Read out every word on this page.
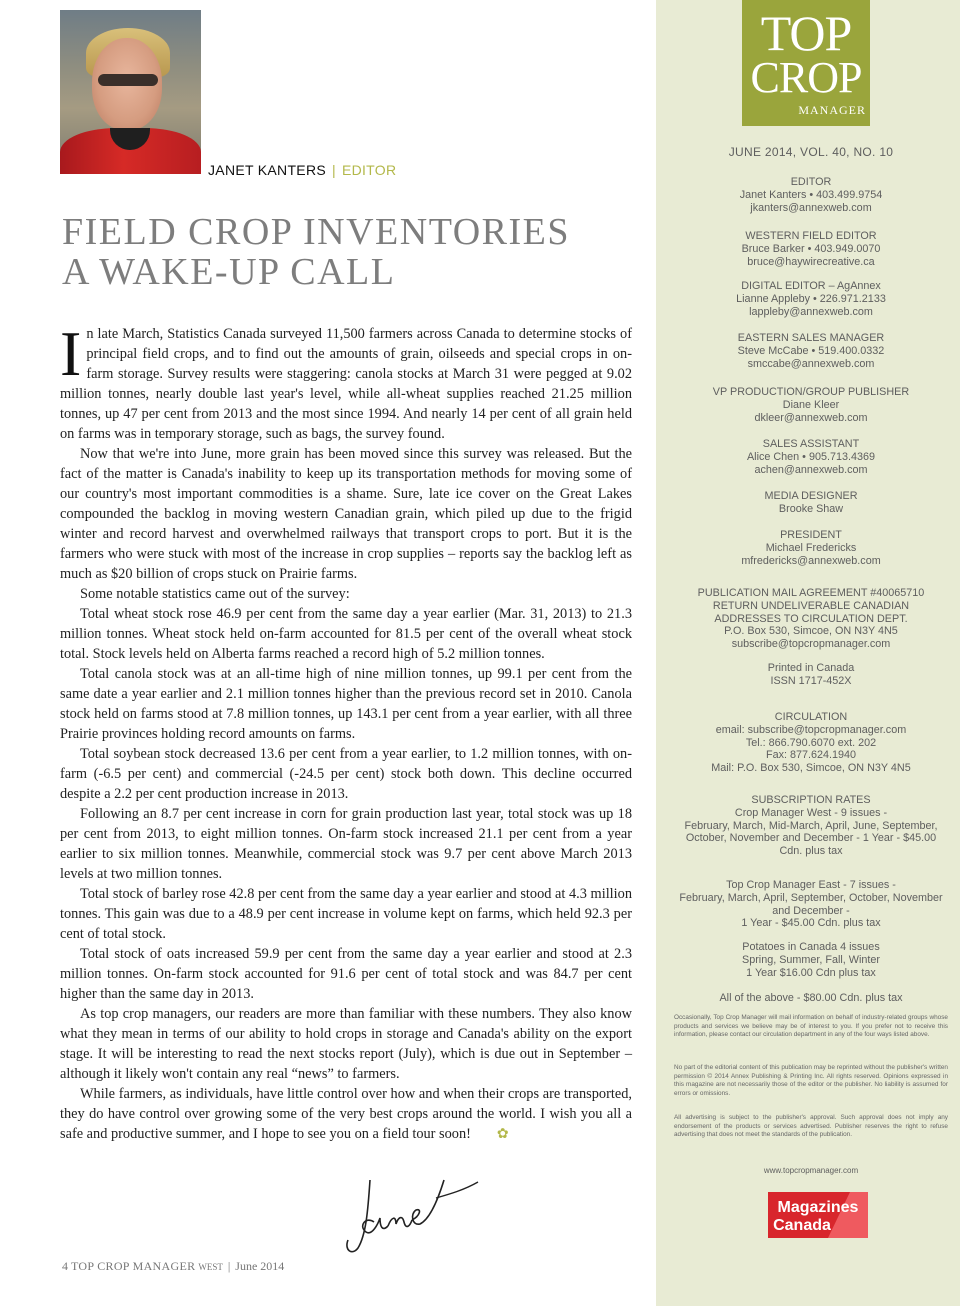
JANET KANTERS | EDITOR
FIELD CROP INVENTORIES
A WAKE-UP CALL

In late March, Statistics Canada surveyed 11,500 farmers across Canada to determine stocks of principal field crops, and to find out the amounts of grain, oilseeds and special crops in on-farm storage. Survey results were staggering: canola stocks at March 31 were pegged at 9.02 million tonnes, nearly double last year's level, while all-wheat supplies reached 21.25 million tonnes, up 47 per cent from 2013 and the most since 1994. And nearly 14 per cent of all grain held on farms was in temporary storage, such as bags, the survey found.

Now that we're into June, more grain has been moved since this survey was released. But the fact of the matter is Canada's inability to keep up its transportation methods for moving some of our country's most important commodities is a shame. Sure, late ice cover on the Great Lakes compounded the backlog in moving western Canadian grain, which piled up due to the frigid winter and record harvest and overwhelmed railways that transport crops to port. But it is the farmers who were stuck with most of the increase in crop supplies – reports say the backlog left as much as $20 billion of crops stuck on Prairie farms.

Some notable statistics came out of the survey:

Total wheat stock rose 46.9 per cent from the same day a year earlier (Mar. 31, 2013) to 21.3 million tonnes. Wheat stock held on-farm accounted for 81.5 per cent of the overall wheat stock total. Stock levels held on Alberta farms reached a record high of 5.2 million tonnes.

Total canola stock was at an all-time high of nine million tonnes, up 99.1 per cent from the same date a year earlier and 2.1 million tonnes higher than the previous record set in 2010. Canola stock held on farms stood at 7.8 million tonnes, up 143.1 per cent from a year earlier, with all three Prairie provinces holding record amounts on farms.

Total soybean stock decreased 13.6 per cent from a year earlier, to 1.2 million tonnes, with on-farm (-6.5 per cent) and commercial (-24.5 per cent) stock both down. This decline occurred despite a 2.2 per cent production increase in 2013.

Following an 8.7 per cent increase in corn for grain production last year, total stock was up 18 per cent from 2013, to eight million tonnes. On-farm stock increased 21.1 per cent from a year earlier to six million tonnes. Meanwhile, commercial stock was 9.7 per cent above March 2013 levels at two million tonnes.

Total stock of barley rose 42.8 per cent from the same day a year earlier and stood at 4.3 million tonnes. This gain was due to a 48.9 per cent increase in volume kept on farms, which held 92.3 per cent of total stock.

Total stock of oats increased 59.9 per cent from the same day a year earlier and stood at 2.3 million tonnes. On-farm stock accounted for 91.6 per cent of total stock and was 84.7 per cent higher than the same day in 2013.

As top crop managers, our readers are more than familiar with these numbers. They also know what they mean in terms of our ability to hold crops in storage and Canada's ability on the export stage. It will be interesting to read the next stocks report (July), which is due out in September – although it likely won't contain any real “news” to farmers.

While farmers, as individuals, have little control over how and when their crops are transported, they do have control over growing some of the very best crops around the world. I wish you all a safe and productive summer, and I hope to see you on a field tour soon! ✿

Janet
4 TOP CROP MANAGER WEST | June 2014
TOP
CROP
MANAGER
JUNE 2014, VOL. 40, NO. 10
EDITOR
Janet Kanters • 403.499.9754
jkanters@annexweb.com
WESTERN FIELD EDITOR
Bruce Barker • 403.949.0070
bruce@haywirecreative.ca
DIGITAL EDITOR – AgAnnex
Lianne Appleby • 226.971.2133
lappleby@annexweb.com
EASTERN SALES MANAGER
Steve McCabe • 519.400.0332
smccabe@annexweb.com
VP PRODUCTION/GROUP PUBLISHER
Diane Kleer
dkleer@annexweb.com
SALES ASSISTANT
Alice Chen • 905.713.4369
achen@annexweb.com
MEDIA DESIGNER
Brooke Shaw
PRESIDENT
Michael Fredericks
mfredericks@annexweb.com
PUBLICATION MAIL AGREEMENT #40065710
RETURN UNDELIVERABLE CANADIAN
ADDRESSES TO CIRCULATION DEPT.
P.O. Box 530, Simcoe, ON N3Y 4N5
subscribe@topcropmanager.com
Printed in Canada
ISSN 1717-452X
CIRCULATION
email: subscribe@topcropmanager.com
Tel.: 866.790.6070 ext. 202
Fax: 877.624.1940
Mail: P.O. Box 530, Simcoe, ON N3Y 4N5
SUBSCRIPTION RATES
Crop Manager West - 9 issues -
February, March, Mid-March, April, June, September,
October, November and December - 1 Year - $45.00
Cdn. plus tax
Top Crop Manager East - 7 issues -
February, March, April, September, October, November
and December -
1 Year - $45.00 Cdn. plus tax
Potatoes in Canada 4 issues
Spring, Summer, Fall, Winter
1 Year $16.00 Cdn plus tax
All of the above - $80.00 Cdn. plus tax
Occasionally, Top Crop Manager will mail information on behalf of industry-related groups whose products and services we believe may be of interest to you. If you prefer not to receive this information, please contact our circulation department in any of the four ways listed above.
No part of the editorial content of this publication may be reprinted without the publisher's written permission © 2014 Annex Publishing & Printing Inc. All rights reserved. Opinions expressed in this magazine are not necessarily those of the editor or the publisher. No liability is assumed for errors or omissions.
All advertising is subject to the publisher's approval. Such approval does not imply any endorsement of the products or services advertised. Publisher reserves the right to refuse advertising that does not meet the standards of the publication.
www.topcropmanager.com
Magazines
Canada
